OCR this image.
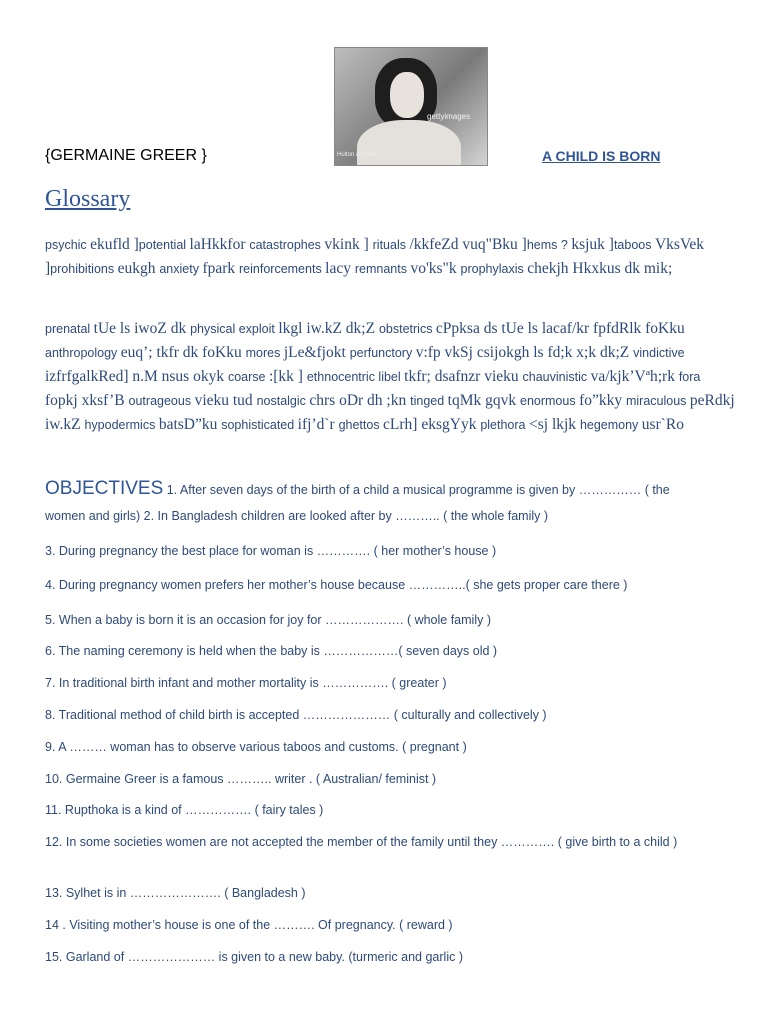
gettyimages
Hulton Archive
{GERMAINE GREER }	A CHILD IS BORN
Glossary
psychic ekufld ]potential laHkkfor catastrophes vkink ] rituals /kkfeZd vuq"Bku ]hems ? ksjuk ]taboos VksVek ]prohibitions eukgh anxiety fpark reinforcements lacy remnants vo'ks"k prophylaxis chekjh Hkxkus dk mik;
prenatal tUe ls iwoZ dk physical exploit lkgl iw.kZ dk;Z obstetrics cPpksa ds tUe ls lacaf/kr fpfdRlk foKku anthropology euq’; tkfr dk foKku mores jLe&fjokt perfunctory v:fp vkSj csijokgh ls fd;k x;k dk;Z vindictive izfrfgalkRed] n.M nsus okyk coarse :[kk ] ethnocentric libel tkfr; dsafnzr vieku chauvinistic va/kjk’Vªh;rk fora fopkj xksf’B outrageous vieku tud nostalgic chrs oDr dh ;kn tinged tqMk gqvk enormous fo”kky miraculous peRdkj iw.kZ hypodermics batsD”ku sophisticated ifj’d`r ghettos cLrh] eksgYyk plethora <sj lkjk hegemony usr`Ro
OBJECTIVES 1. After seven days of the birth of a child a musical programme is given by …………… ( the
women and girls) 2. In Bangladesh children are looked after by ……….. ( the whole family )
3. During pregnancy the best place for woman is …………. ( her mother’s house )
4. During pregnancy women prefers her mother’s house because …………..( she gets proper care there )
5. When a baby is born it is an occasion for joy for ………………. ( whole family )
6. The naming ceremony is held when the baby is ………………( seven days old )
7. In traditional birth infant and mother mortality is ……………. ( greater )
8. Traditional method of child birth is accepted ………………… ( culturally and collectively )
9. A ……… woman has to observe various taboos and customs. ( pregnant )
10. Germaine Greer is a famous ……….. writer . ( Australian/ feminist )
11. Rupthoka is a kind of ……………. ( fairy tales )
12. In some societies women are not accepted the member of the family until they …………. ( give birth to a child )
13. Sylhet is in …………………. ( Bangladesh )
14 . Visiting mother’s house is one of the ………. Of pregnancy. ( reward )
15. Garland of ………………… is given to a new baby. (turmeric and garlic )
